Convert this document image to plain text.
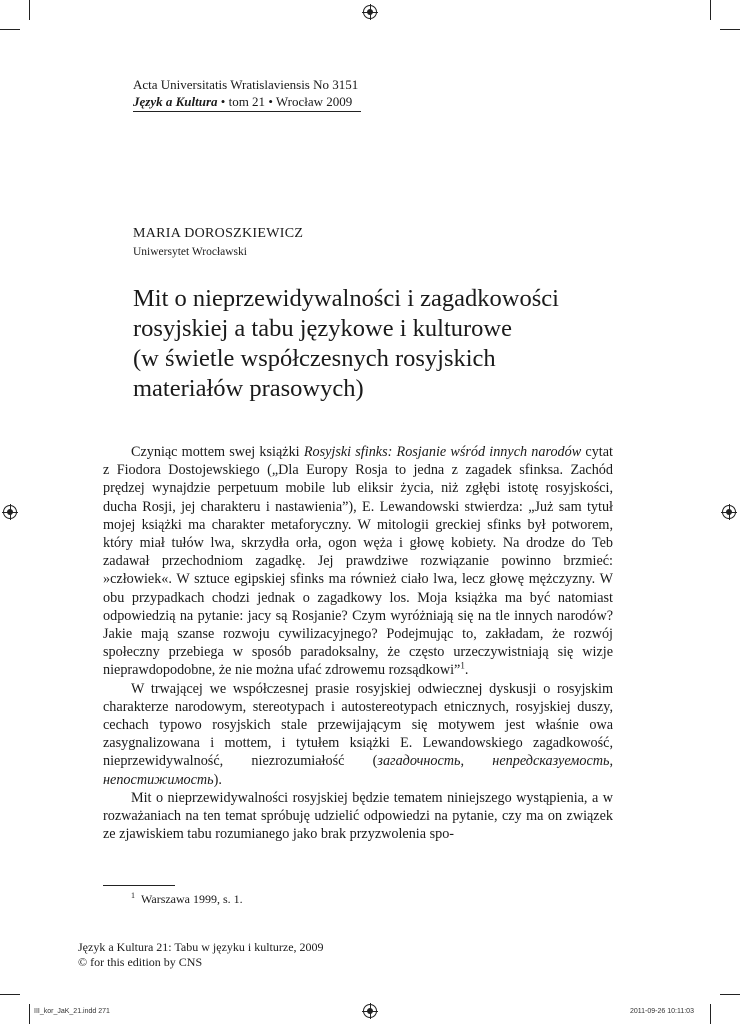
Acta Universitatis Wratislaviensis No 3151
Język a Kultura • tom 21 • Wrocław 2009
MARIA DOROSZKIEWICZ
Uniwersytet Wrocławski
Mit o nieprzewidywalności i zagadkowości
rosyjskiej a tabu językowe i kulturowe
(w świetle współczesnych rosyjskich
materiałów prasowych)

Czyniąc mottem swej książki Rosyjski sfinks: Rosjanie wśród innych narodów cytat z Fiodora Dostojewskiego („Dla Europy Rosja to jedna z zagadek sfinksa. Zachód prędzej wynajdzie perpetuum mobile lub eliksir życia, niż zgłębi istotę rosyjskości, ducha Rosji, jej charakteru i nastawienia”), E. Lewandowski stwierdza: „Już sam tytuł mojej książki ma charakter metaforyczny. W mitologii greckiej sfinks był potworem, który miał tułów lwa, skrzydła orła, ogon węża i głowę kobiety. Na drodze do Teb zadawał przechodniom zagadkę. Jej prawdziwe rozwiązanie powinno brzmieć: »człowiek«. W sztuce egipskiej sfinks ma również ciało lwa, lecz głowę mężczyzny. W obu przypadkach chodzi jednak o zagadkowy los. Moja książka ma być natomiast odpowiedzią na pytanie: jacy są Rosjanie? Czym wyróżniają się na tle innych narodów? Jakie mają szanse rozwoju cywilizacyjnego? Podejmując to, zakładam, że rozwój społeczny przebiega w sposób paradoksalny, że często urzeczywistniają się wizje nieprawdopodobne, że nie można ufać zdrowemu rozsądkowi”$^1$.

W trwającej we współczesnej prasie rosyjskiej odwiecznej dyskusji o rosyjskim charakterze narodowym, stereotypach i autostereotypach etnicznych, rosyjskiej duszy, cechach typowo rosyjskich stale przewijającym się motywem jest właśnie owa zasygnalizowana i mottem, i tytułem książki E. Lewandowskiego zagadkowość, nieprzewidywalność, niezrozumiałość (загадочность, непредсказуемость, непостижимость).

Mit o nieprzewidywalności rosyjskiej będzie tematem niniejszego wystąpienia, a w rozważaniach na ten temat spróbuję udzielić odpowiedzi na pytanie, czy ma on związek ze zjawiskiem tabu rozumianego jako brak przyzwolenia spo-

$^1$ Warszawa 1999, s. 1.
Język a Kultura 21: Tabu w języku i kulturze, 2009
© for this edition by CNS
III_kor_JaK_21.indd 271	2011-09-26 10:11:03
